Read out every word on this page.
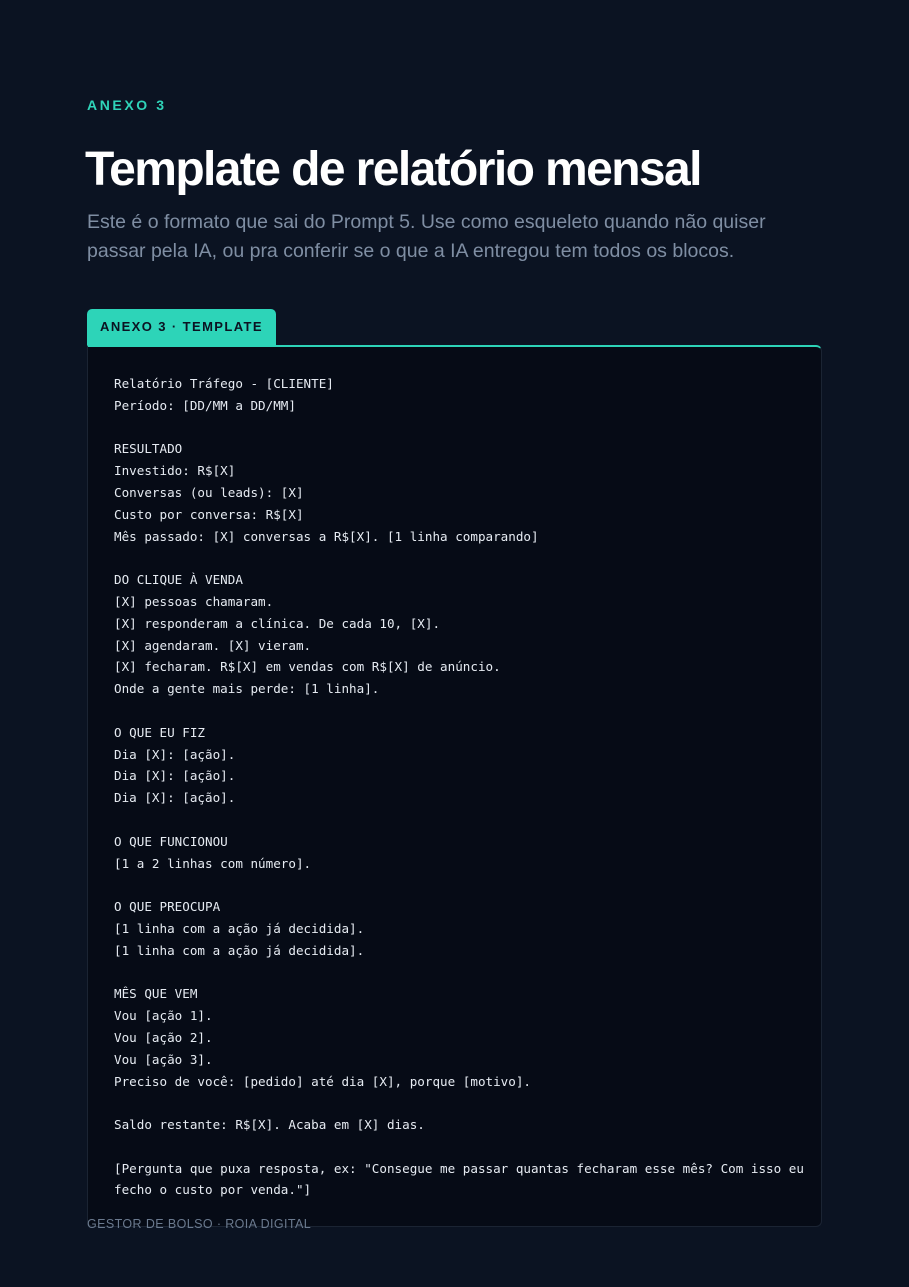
ANEXO 3

Template de relatório mensal

Este é o formato que sai do Prompt 5. Use como esqueleto quando não quiser passar pela IA, ou pra conferir se o que a IA entregou tem todos os blocos.

ANEXO 3 · TEMPLATE
Relatório Tráfego - [CLIENTE]
Período: [DD/MM a DD/MM]

RESULTADO
Investido: R$[X]
Conversas (ou leads): [X]
Custo por conversa: R$[X]
Mês passado: [X] conversas a R$[X]. [1 linha comparando]

DO CLIQUE À VENDA
[X] pessoas chamaram.
[X] responderam a clínica. De cada 10, [X].
[X] agendaram. [X] vieram.
[X] fecharam. R$[X] em vendas com R$[X] de anúncio.
Onde a gente mais perde: [1 linha].

O QUE EU FIZ
Dia [X]: [ação].
Dia [X]: [ação].
Dia [X]: [ação].

O QUE FUNCIONOU
[1 a 2 linhas com número].

O QUE PREOCUPA
[1 linha com a ação já decidida].
[1 linha com a ação já decidida].

MÊS QUE VEM
Vou [ação 1].
Vou [ação 2].
Vou [ação 3].
Preciso de você: [pedido] até dia [X], porque [motivo].

Saldo restante: R$[X]. Acaba em [X] dias.

[Pergunta que puxa resposta, ex: "Consegue me passar quantas fecharam esse mês? Com isso eu fecho o custo por venda."]

GESTOR DE BOLSO · ROIA DIGITAL
